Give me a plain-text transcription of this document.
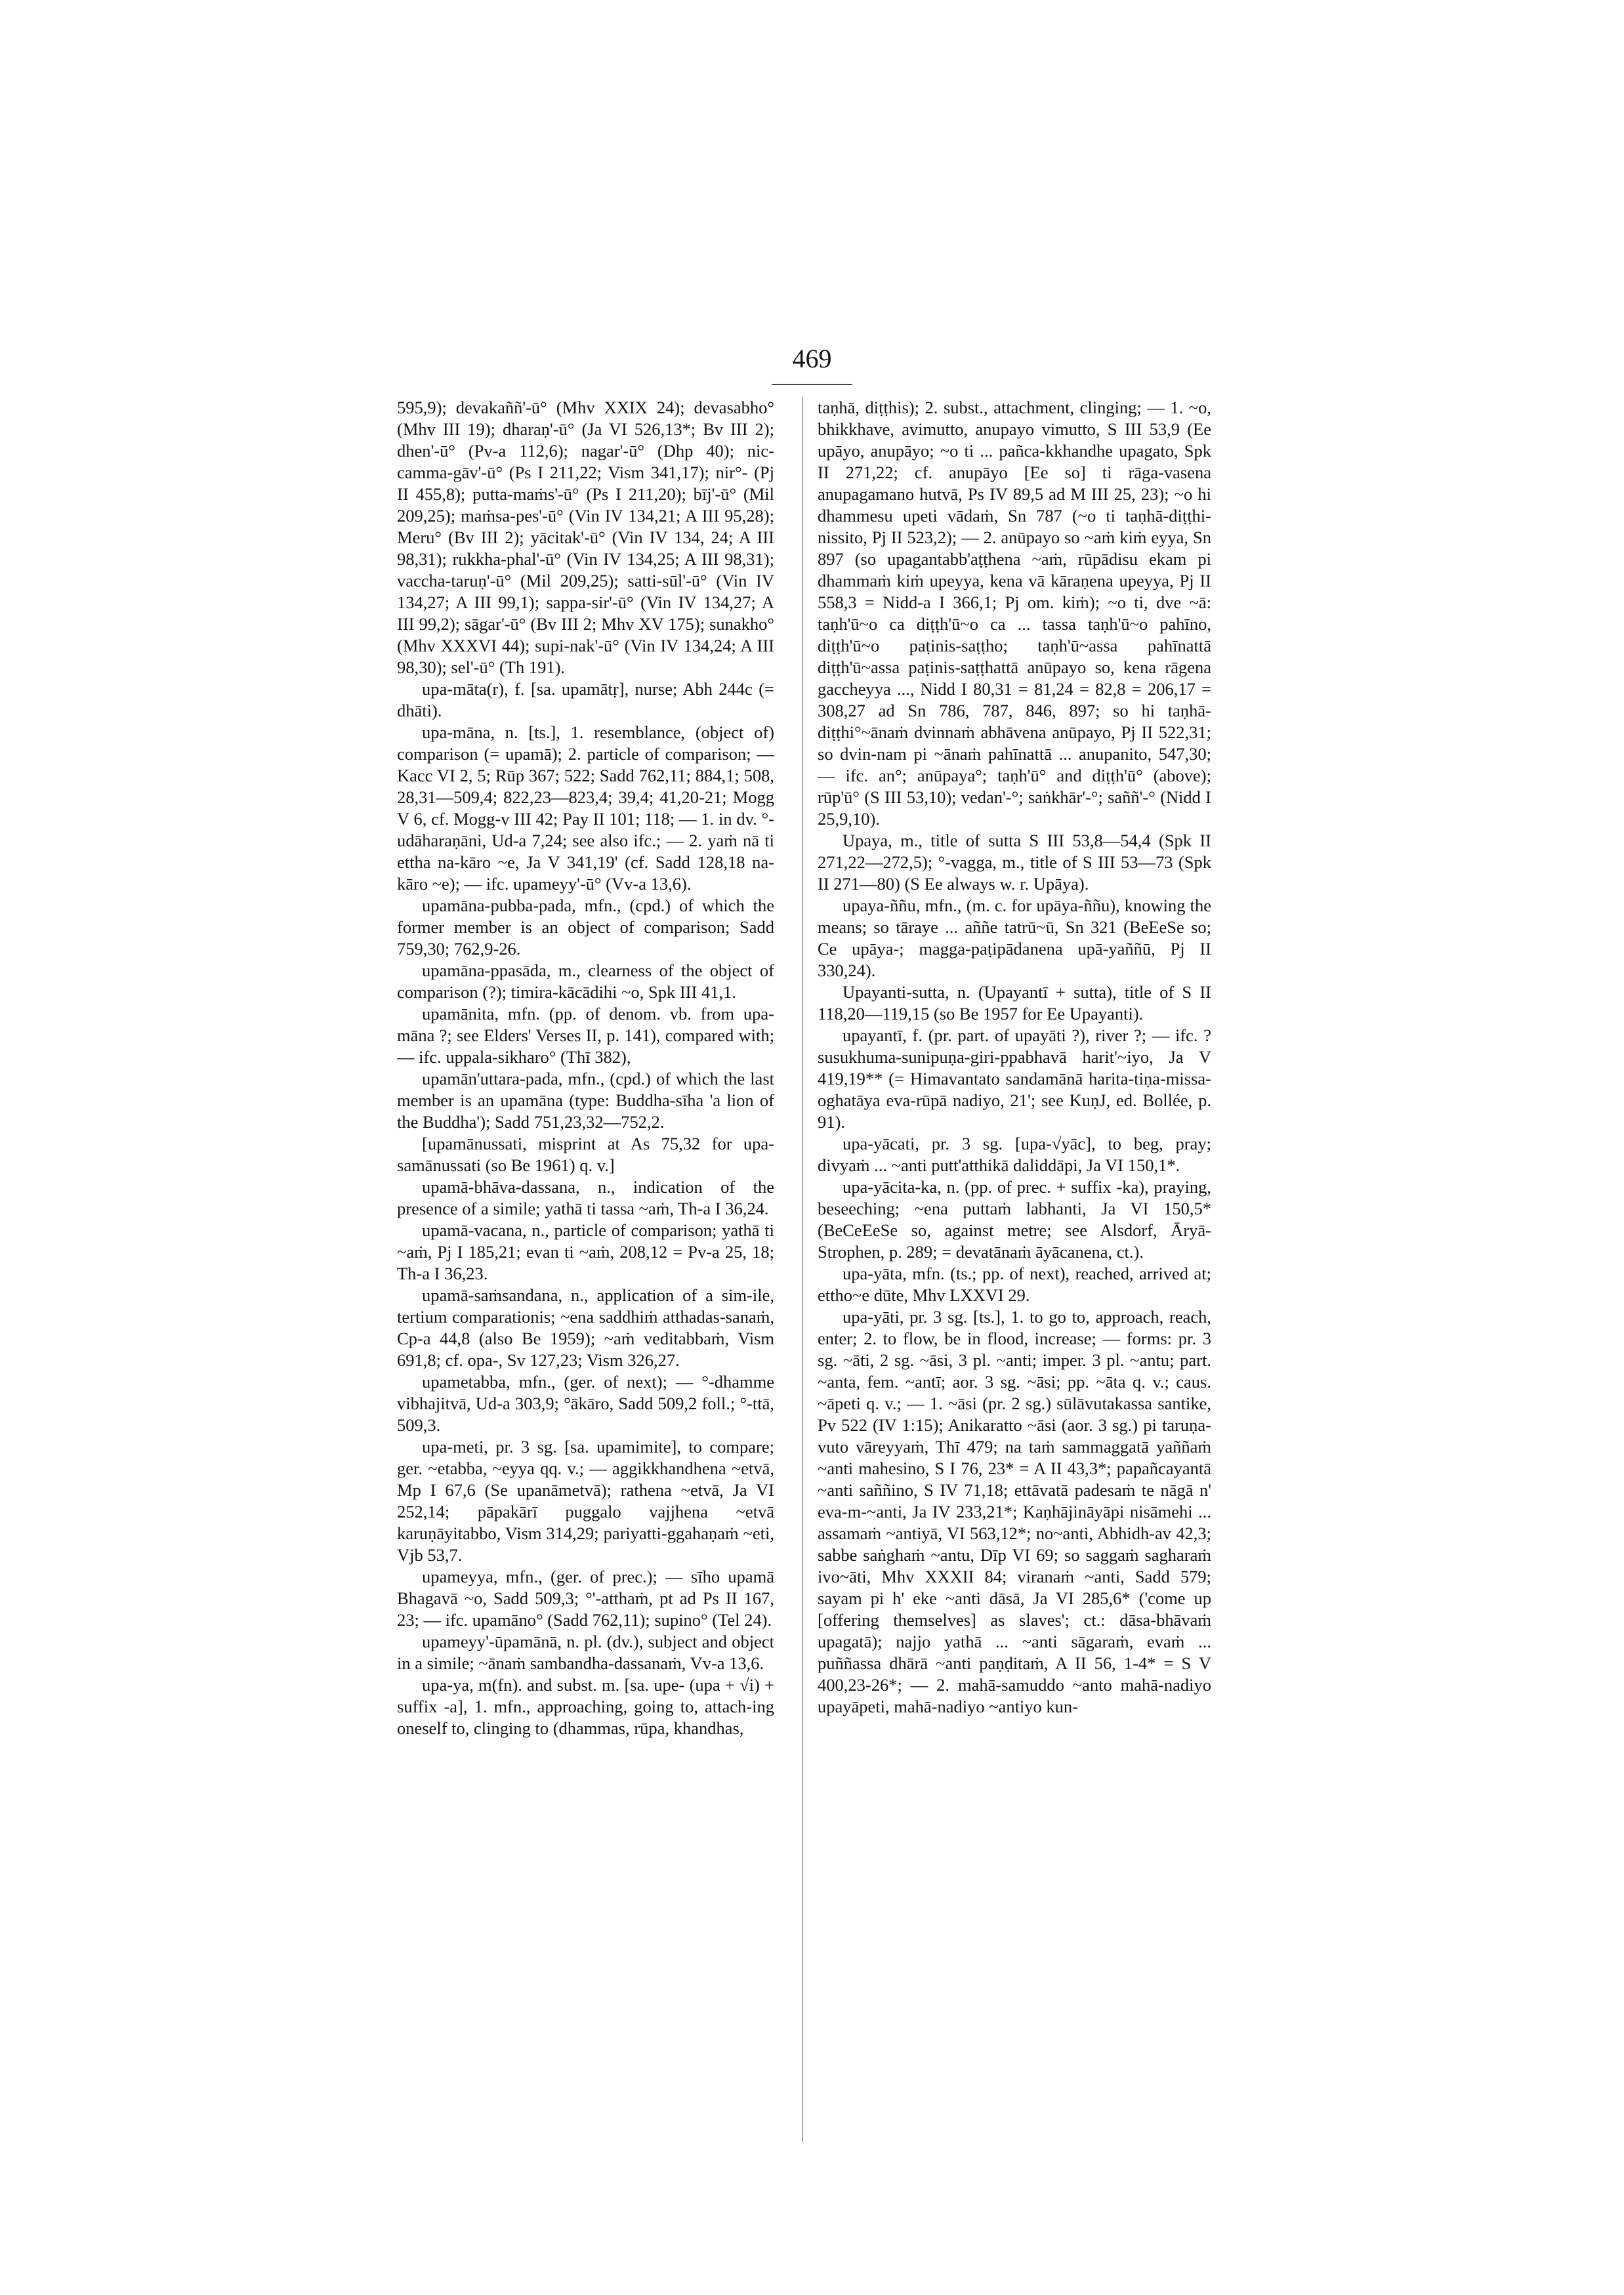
469

595,9); devakaññ'-ū° (Mhv XXIX 24); devasabho° (Mhv III 19); dharaṇ'-ū° (Ja VI 526,13*; Bv III 2); dhen'-ū° (Pv-a 112,6); nagar'-ū° (Dhp 40); nic-camma-gāv'-ū° (Ps I 211,22; Vism 341,17); nir°- (Pj II 455,8); putta-maṁs'-ū° (Ps I 211,20); bīj'-ū° (Mil 209,25); maṁsa-pes'-ū° (Vin IV 134,21; A III 95,28); Meru° (Bv III 2); yācitak'-ū° (Vin IV 134, 24; A III 98,31); rukkha-phal'-ū° (Vin IV 134,25; A III 98,31); vaccha-taruṇ'-ū° (Mil 209,25); satti-sūl'-ū° (Vin IV 134,27; A III 99,1); sappa-sir'-ū° (Vin IV 134,27; A III 99,2); sāgar'-ū° (Bv III 2; Mhv XV 175); sunakho° (Mhv XXXVI 44); supi-nak'-ū° (Vin IV 134,24; A III 98,30); sel'-ū° (Th 191).

upa-māta(r), f. [sa. upamātṛ], nurse; Abh 244c (= dhāti).

upa-māna, n. [ts.], 1. resemblance, (object of) comparison (= upamā); 2. particle of comparison; — Kacc VI 2, 5; Rūp 367; 522; Sadd 762,11; 884,1; 508, 28,31—509,4; 822,23—823,4; 39,4; 41,20-21; Mogg V 6, cf. Mogg-v III 42; Pay II 101; 118; — 1. in dv. °-udāharaṇāni, Ud-a 7,24; see also ifc.; — 2. yaṁ nā ti ettha na-kāro ~e, Ja V 341,19' (cf. Sadd 128,18 na-kāro ~e); — ifc. upameyy'-ū° (Vv-a 13,6).

upamāna-pubba-pada, mfn., (cpd.) of which the former member is an object of comparison; Sadd 759,30; 762,9-26.

upamāna-ppasāda, m., clearness of the object of comparison (?); timira-kācādihi ~o, Spk III 41,1.

upamānita, mfn. (pp. of denom. vb. from upa-māna ?; see Elders' Verses II, p. 141), compared with; — ifc. uppala-sikharo° (Thī 382),

upamān'uttara-pada, mfn., (cpd.) of which the last member is an upamāna (type: Buddha-sīha 'a lion of the Buddha'); Sadd 751,23,32—752,2.

[upamānussati, misprint at As 75,32 for upa-samānussati (so Be 1961) q. v.]

upamā-bhāva-dassana, n., indication of the presence of a simile; yathā ti tassa ~aṁ, Th-a I 36,24.

upamā-vacana, n., particle of comparison; yathā ti ~aṁ, Pj I 185,21; evan ti ~aṁ, 208,12 = Pv-a 25, 18; Th-a I 36,23.

upamā-saṁsandana, n., application of a sim-ile, tertium comparationis; ~ena saddhiṁ atthadas-sanaṁ, Cp-a 44,8 (also Be 1959); ~aṁ veditabbaṁ, Vism 691,8; cf. opa-, Sv 127,23; Vism 326,27.

upametabba, mfn., (ger. of next); — °-dhamme vibhajitvā, Ud-a 303,9; °ākāro, Sadd 509,2 foll.; °-ttā, 509,3.

upa-meti, pr. 3 sg. [sa. upamimite], to compare; ger. ~etabba, ~eyya qq. v.; — aggikkhandhena ~etvā, Mp I 67,6 (Se upanāmetvā); rathena ~etvā, Ja VI 252,14; pāpakārī puggalo vajjhena ~etvā karuṇāyitabbo, Vism 314,29; pariyatti-ggahaṇaṁ ~eti, Vjb 53,7.

upameyya, mfn., (ger. of prec.); — sīho upamā Bhagavā ~o, Sadd 509,3; °'-atthaṁ, pt ad Ps II 167, 23; — ifc. upamāno° (Sadd 762,11); supino° (Tel 24).

upameyy'-ūpamānā, n. pl. (dv.), subject and object in a simile; ~ānaṁ sambandha-dassanaṁ, Vv-a 13,6.

upa-ya, m(fn). and subst. m. [sa. upe- (upa + √i) + suffix -a], 1. mfn., approaching, going to, attach-ing oneself to, clinging to (dhammas, rūpa, khandhas,

taṇhā, diṭṭhis); 2. subst., attachment, clinging; — 1. ~o, bhikkhave, avimutto, anupayo vimutto, S III 53,9 (Ee upāyo, anupāyo; ~o ti ... pañca-kkhandhe upagato, Spk II 271,22; cf. anupāyo [Ee so] ti rāga-vasena anupagamano hutvā, Ps IV 89,5 ad M III 25, 23); ~o hi dhammesu upeti vādaṁ, Sn 787 (~o ti taṇhā-diṭṭhi-nissito, Pj II 523,2); — 2. anūpayo so ~aṁ kiṁ eyya, Sn 897 (so upagantabb'aṭṭhena ~aṁ, rūpādisu ekam pi dhammaṁ kiṁ upeyya, kena vā kāraṇena upeyya, Pj II 558,3 = Nidd-a I 366,1; Pj om. kiṁ); ~o ti, dve ~ā: taṇh'ū~o ca diṭṭh'ū~o ca ... tassa taṇh'ū~o pahīno, diṭṭh'ū~o paṭinis-saṭṭho; taṇh'ū~assa pahīnattā diṭṭh'ū~assa paṭinis-saṭṭhattā anūpayo so, kena rāgena gaccheyya ..., Nidd I 80,31 = 81,24 = 82,8 = 206,17 = 308,27 ad Sn 786, 787, 846, 897; so hi taṇhā-diṭṭhi°~ānaṁ dvinnaṁ abhāvena anūpayo, Pj II 522,31; so dvin-nam pi ~ānaṁ pahīnattā ... anupanito, 547,30; — ifc. an°; anūpaya°; taṇh'ū° and diṭṭh'ū° (above); rūp'ū° (S III 53,10); vedan'-°; saṅkhār'-°; saññ'-° (Nidd I 25,9,10).

Upaya, m., title of sutta S III 53,8—54,4 (Spk II 271,22—272,5); °-vagga, m., title of S III 53—73 (Spk II 271—80) (S Ee always w. r. Upāya).

upaya-ññu, mfn., (m. c. for upāya-ññu), knowing the means; so tāraye ... aññe tatrū~ū, Sn 321 (BeEeSe so; Ce upāya-; magga-paṭipādanena upā-yaññū, Pj II 330,24).

Upayanti-sutta, n. (Upayantī + sutta), title of S II 118,20—119,15 (so Be 1957 for Ee Upayanti).

upayantī, f. (pr. part. of upayāti ?), river ?; — ifc. ? susukhuma-sunipuṇa-giri-ppabhavā harit'~iyo, Ja V 419,19** (= Himavantato sandamānā harita-tiṇa-missa-oghatāya eva-rūpā nadiyo, 21'; see KuṇJ, ed. Bollée, p. 91).

upa-yācati, pr. 3 sg. [upa-√yāc], to beg, pray; divyaṁ ... ~anti putt'atthikā daliddāpi, Ja VI 150,1*.

upa-yācita-ka, n. (pp. of prec. + suffix -ka), praying, beseeching; ~ena puttaṁ labhanti, Ja VI 150,5* (BeCeEeSe so, against metre; see Alsdorf, Āryā-Strophen, p. 289; = devatānaṁ āyācanena, ct.).

upa-yāta, mfn. (ts.; pp. of next), reached, arrived at; ettho~e dūte, Mhv LXXVI 29.

upa-yāti, pr. 3 sg. [ts.], 1. to go to, approach, reach, enter; 2. to flow, be in flood, increase; — forms: pr. 3 sg. ~āti, 2 sg. ~āsi, 3 pl. ~anti; imper. 3 pl. ~antu; part. ~anta, fem. ~antī; aor. 3 sg. ~āsi; pp. ~āta q. v.; caus. ~āpeti q. v.; — 1. ~āsi (pr. 2 sg.) sūlāvutakassa santike, Pv 522 (IV 1:15); Anikaratto ~āsi (aor. 3 sg.) pi taruṇa-vuto vāreyyaṁ, Thī 479; na taṁ sammaggatā yaññaṁ ~anti mahesino, S I 76, 23* = A II 43,3*; papañcayantā ~anti saññino, S IV 71,18; ettāvatā padesaṁ te nāgā n' eva-m-~anti, Ja IV 233,21*; Kaṇhājināyāpi nisāmehi ... assamaṁ ~antiyā, VI 563,12*; no~anti, Abhidh-av 42,3; sabbe saṅghaṁ ~antu, Dīp VI 69; so saggaṁ sagharaṁ ivo~āti, Mhv XXXII 84; viranaṁ ~anti, Sadd 579; sayam pi h' eke ~anti dāsā, Ja VI 285,6* ('come up [offering themselves] as slaves'; ct.: dāsa-bhāvaṁ upagatā); najjo yathā ... ~anti sāgaraṁ, evaṁ ... puññassa dhārā ~anti paṇḍitaṁ, A II 56, 1-4* = S V 400,23-26*; — 2. mahā-samuddo ~anto mahā-nadiyo upayāpeti, mahā-nadiyo ~antiyo kun-
